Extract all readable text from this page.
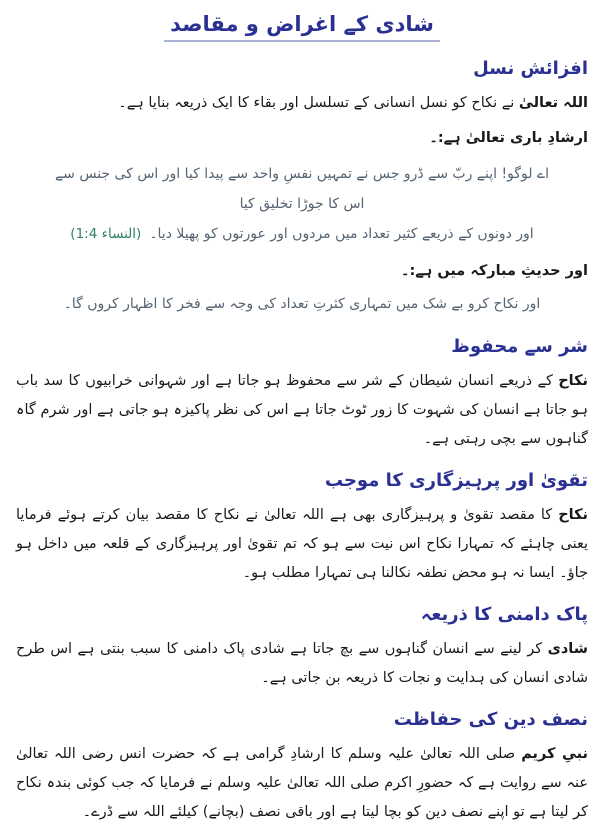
شادی کے اغراض و مقاصد
افزائش نسل

اللہ تعالیٰ نے نکاح کو نسل انسانی کے تسلسل اور بقاء کا ایک ذریعہ بنایا ہے۔

ارشادِ باری تعالیٰ ہے:۔
اے لوگو! اپنے ربّ سے ڈرو جس نے تمہیں نفسِ واحد سے پیدا کیا اور اس کی جنس سے اس کا جوڑا تخلیق کیا
اور دونوں کے ذریعے کثیر تعداد میں مردوں اور عورتوں کو پھیلا دیا۔(النساء 1:4)
اور حدیثِ مبارکہ میں ہے:۔
اور نکاح کرو بے شک میں تمہاری کثرتِ تعداد کی وجہ سے فخر کا اظہار کروں گا۔
شر سے محفوظ

نکاح کے ذریعے انسان شیطان کے شر سے محفوظ ہو جاتا ہے اور شہوانی خرابیوں کا سد باب ہو جاتا ہے انسان کی شہوت کا زور ٹوٹ جاتا ہے اس کی نظر پاکیزہ ہو جاتی ہے اور شرم گاہ گناہوں سے بچی رہتی ہے۔

تقویٰ اور پرہیزگاری کا موجب

نکاح کا مقصد تقویٰ و پرہیزگاری بھی ہے اللہ تعالیٰ نے نکاح کا مقصد بیان کرتے ہوئے فرمایا یعنی چاہئے کہ تمہارا نکاح اس نیت سے ہو کہ تم تقویٰ اور پرہیزگاری کے قلعہ میں داخل ہو جاؤ۔ ایسا نہ ہو محض نطفہ نکالنا ہی تمہارا مطلب ہو۔

پاک دامنی کا ذریعہ

شادی کر لینے سے انسان گناہوں سے بچ جاتا ہے شادی پاک دامنی کا سبب بنتی ہے اس طرح شادی انسان کی ہدایت و نجات کا ذریعہ بن جاتی ہے۔

نصف دین کی حفاظت

نبیِ کریم صلی اللہ تعالیٰ علیہ وسلم کا ارشادِ گرامی ہے کہ حضرت انس رضی اللہ تعالیٰ عنہ سے روایت ہے کہ حضورِ اکرم صلی اللہ تعالیٰ علیہ وسلم نے فرمایا کہ جب کوئی بندہ نکاح کر لیتا ہے تو اپنے نصف دین کو بچا لیتا ہے اور باقی نصف (بچانے) کیلئے اللہ سے ڈرے۔
